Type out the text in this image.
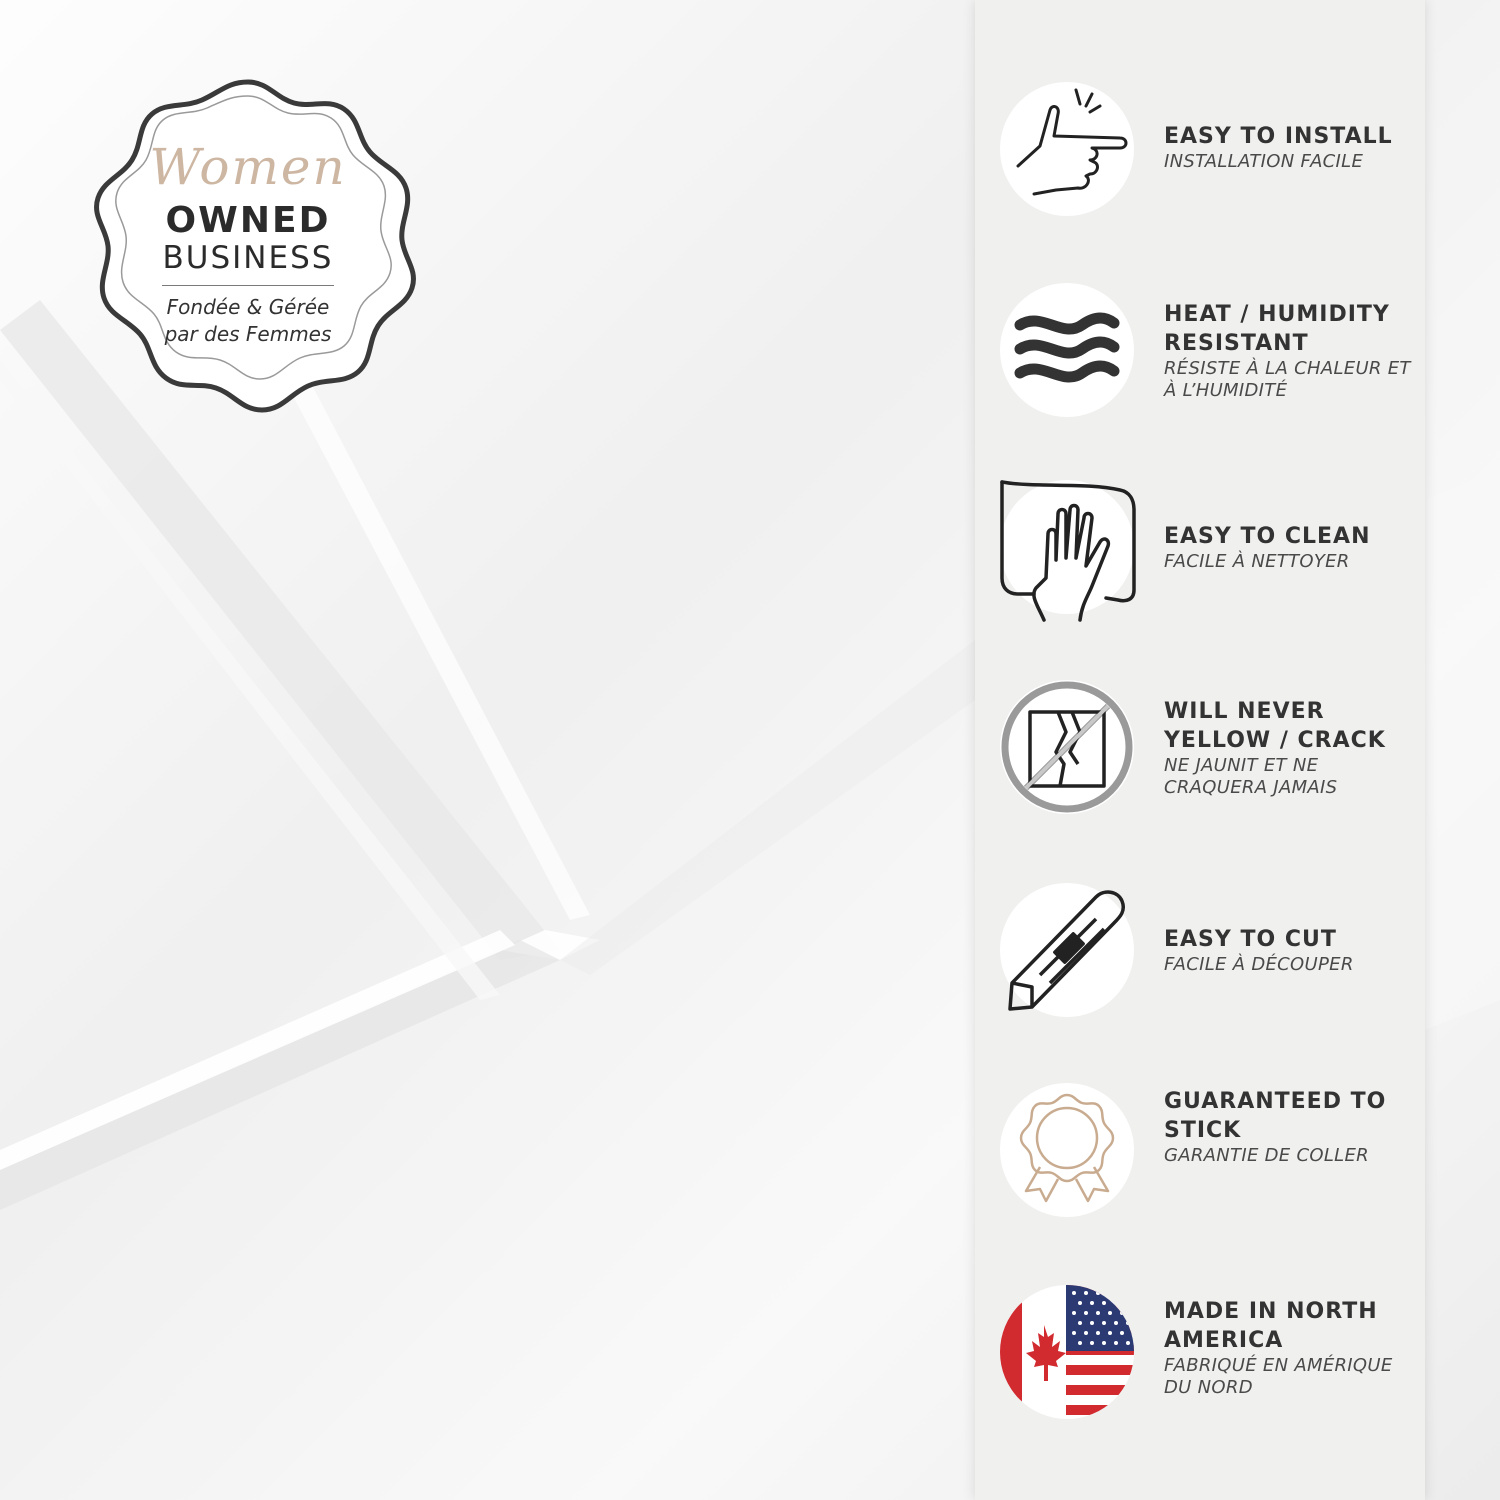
Women
OWNED
BUSINESS
Fondée & Gérée
par des Femmes
EASY TO INSTALL
INSTALLATION FACILE
HEAT / HUMIDITY RESISTANT
RÉSISTE À LA CHALEUR ET À L’HUMIDITÉ
EASY TO CLEAN
FACILE À NETTOYER
WILL NEVER YELLOW / CRACK
NE JAUNIT ET NE CRAQUERA JAMAIS
EASY TO CUT
FACILE À DÉCOUPER
GUARANTEED TO STICK
GARANTIE DE COLLER
MADE IN NORTH AMERICA
FABRIQUÉ EN AMÉRIQUE DU NORD
